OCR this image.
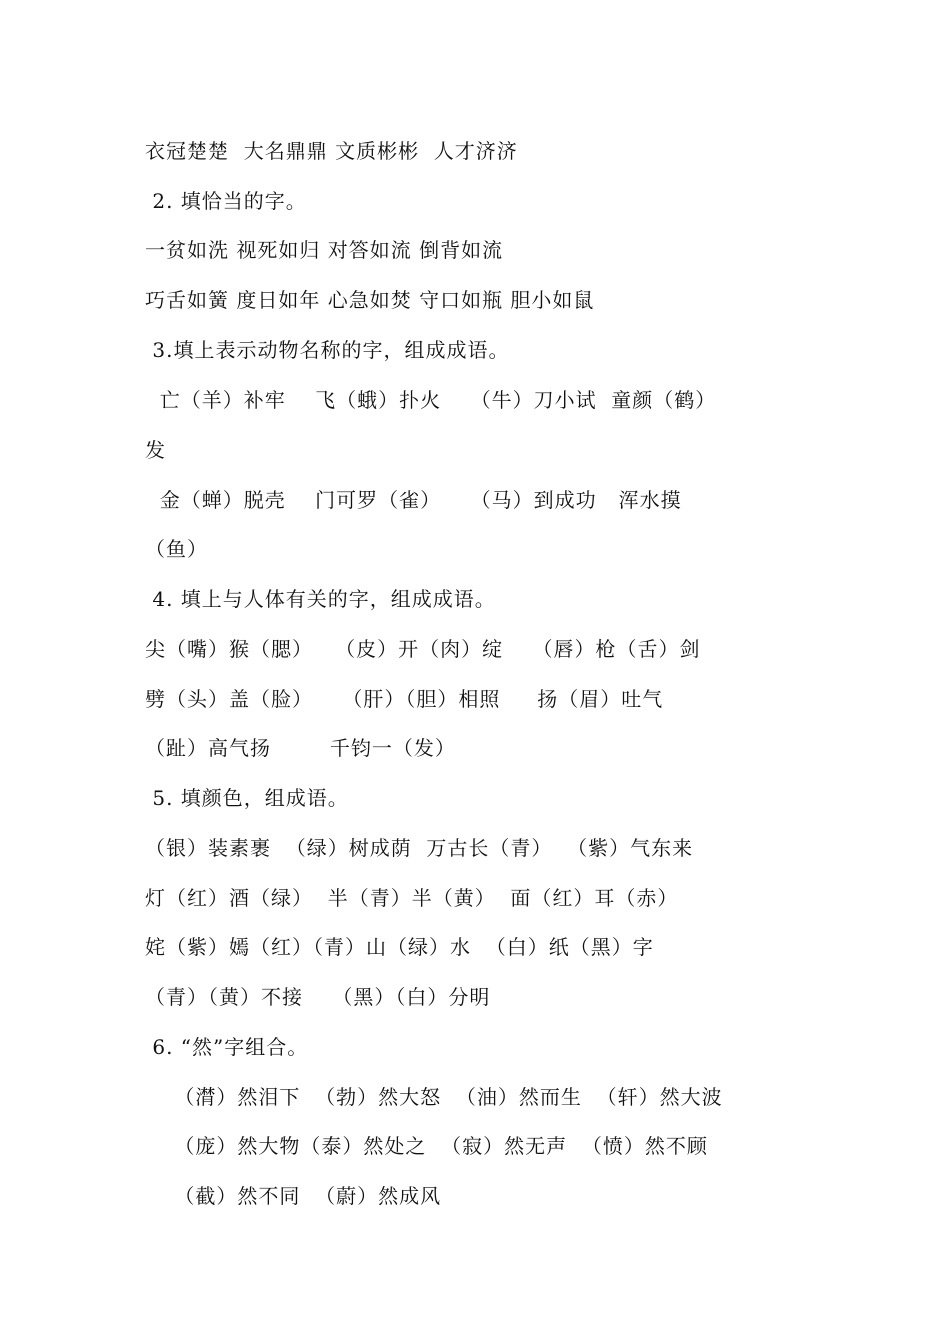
衣冠楚楚  大名鼎鼎 文质彬彬  人才济济
2. 填恰当的字。
一贫如洗 视死如归 对答如流 倒背如流
巧舌如簧 度日如年 心急如焚 守口如瓶 胆小如鼠
3.填上表示动物名称的字，组成成语。
亡（羊）补牢    飞（蛾）扑火    （牛）刀小试  童颜（鹤）
发
金（蝉）脱壳    门可罗（雀）    （马）到成功   浑水摸
（鱼）
4. 填上与人体有关的字，组成成语。
尖（嘴）猴（腮）   （皮）开（肉）绽    （唇）枪（舌）剑
劈（头）盖（脸）    （肝）（胆）相照     扬（眉）吐气
（趾）高气扬        千钧一（发）
5. 填颜色，组成语。
（银）装素裹  （绿）树成荫  万古长（青）  （紫）气东来
灯（红）酒（绿）  半（青）半（黄）  面（红）耳（赤）
姹（紫）嫣（红）（青）山（绿）水  （白）纸（黑）字
（青）（黄）不接    （黑）（白）分明
6. “然”字组合。
（潸）然泪下  （勃）然大怒  （油）然而生  （轩）然大波
（庞）然大物（泰）然处之  （寂）然无声  （愤）然不顾
（截）然不同  （蔚）然成风
